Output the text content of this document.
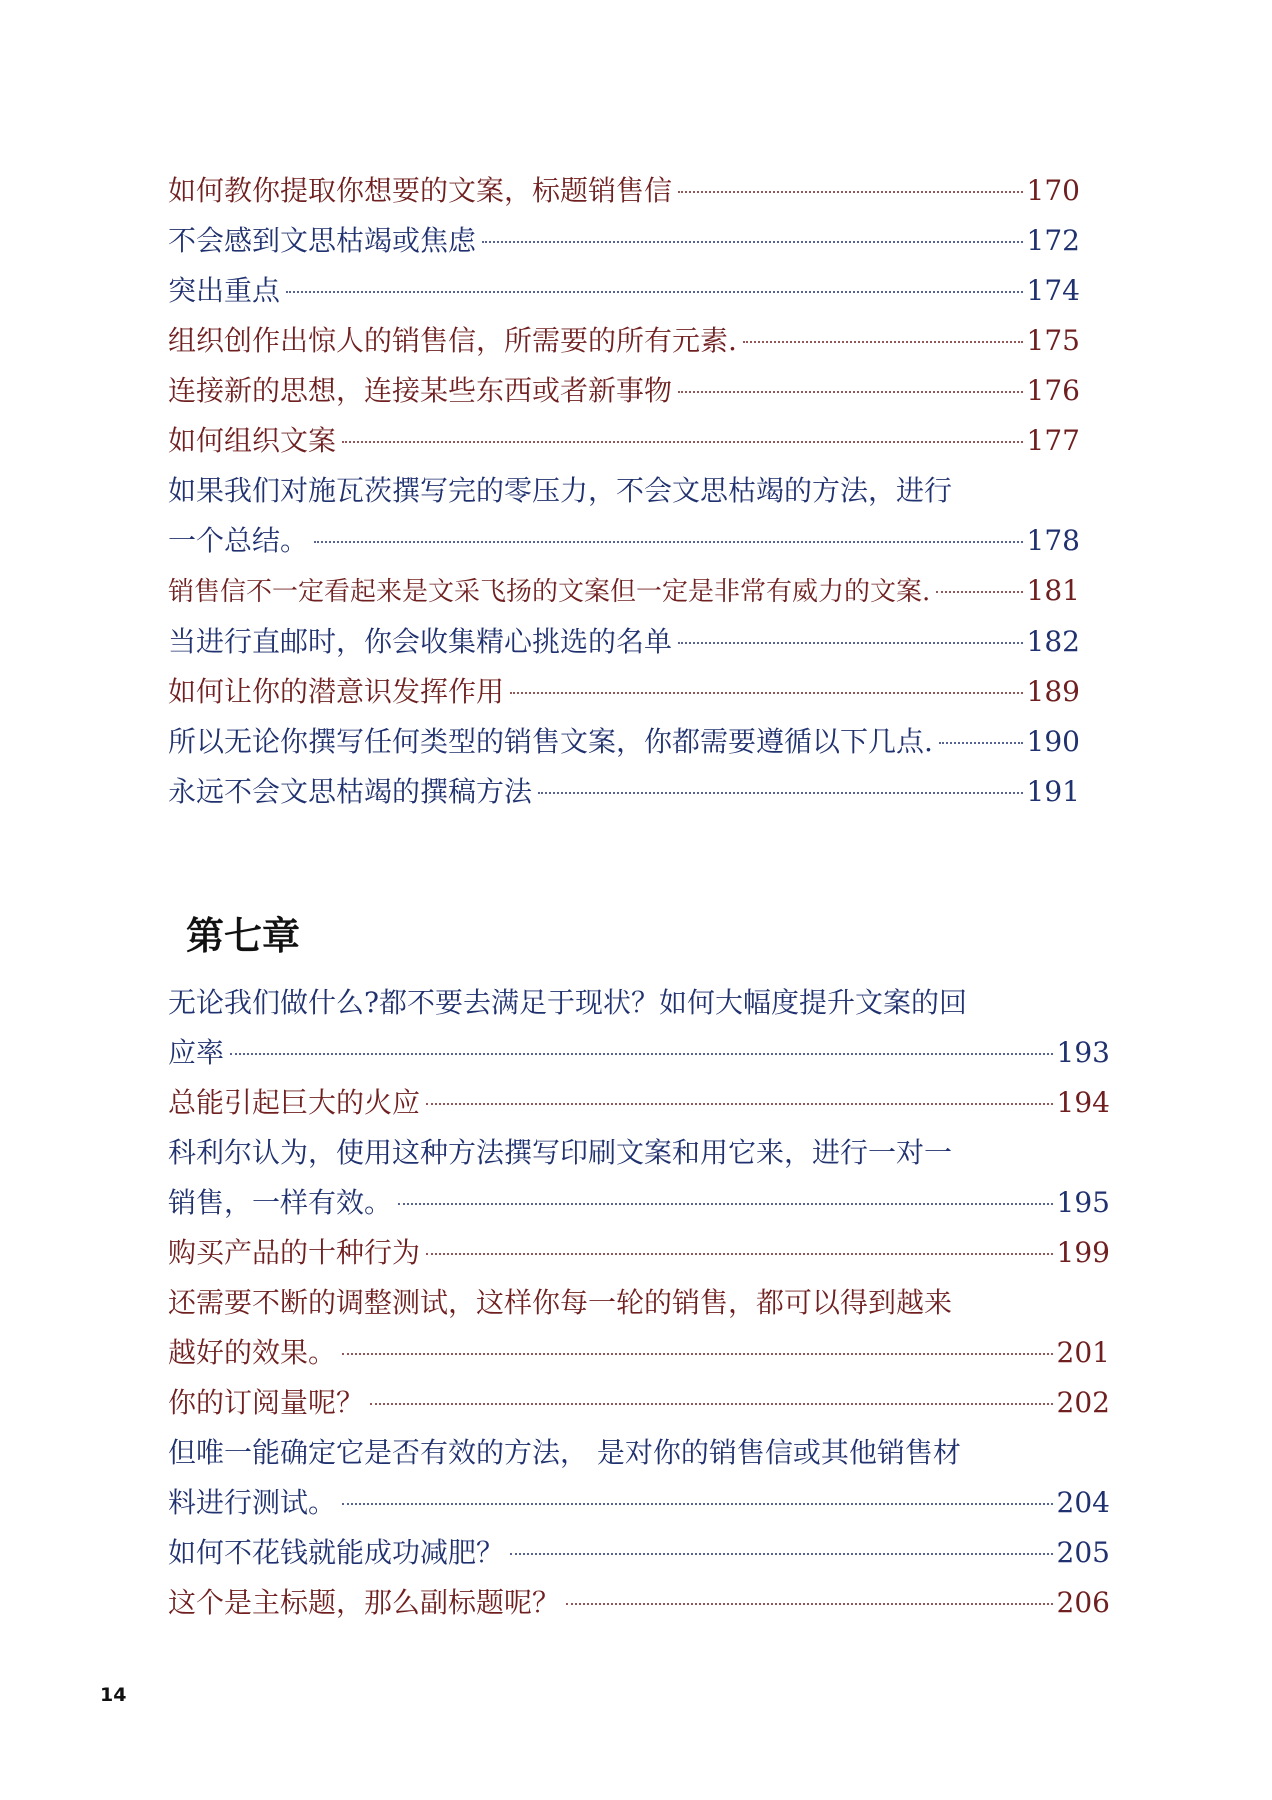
如何教你提取你想要的文案，标题销售信	170
不会感到文思枯竭或焦虑	172
突出重点	174
组织创作出惊人的销售信，所需要的所有元素.	175
连接新的思想，连接某些东西或者新事物	176
如何组织文案	177
如果我们对施瓦茨撰写完的零压力，不会文思枯竭的方法，进行
一个总结。	178
销售信不一定看起来是文采飞扬的文案但一定是非常有威力的文案.	181
当进行直邮时，你会收集精心挑选的名单	182
如何让你的潜意识发挥作用	189
所以无论你撰写任何类型的销售文案，你都需要遵循以下几点.	190
永远不会文思枯竭的撰稿方法	191
第七章
无论我们做什么?都不要去满足于现状？如何大幅度提升文案的回
应率	193
总能引起巨大的火应	194
科利尔认为，使用这种方法撰写印刷文案和用它来，进行一对一
销售，一样有效。	195
购买产品的十种行为	199
还需要不断的调整测试，这样你每一轮的销售，都可以得到越来
越好的效果。	201
你的订阅量呢？	202
但唯一能确定它是否有效的方法， 是对你的销售信或其他销售材
料进行测试。	204
如何不花钱就能成功减肥？	205
这个是主标题，那么副标题呢？	206
14
